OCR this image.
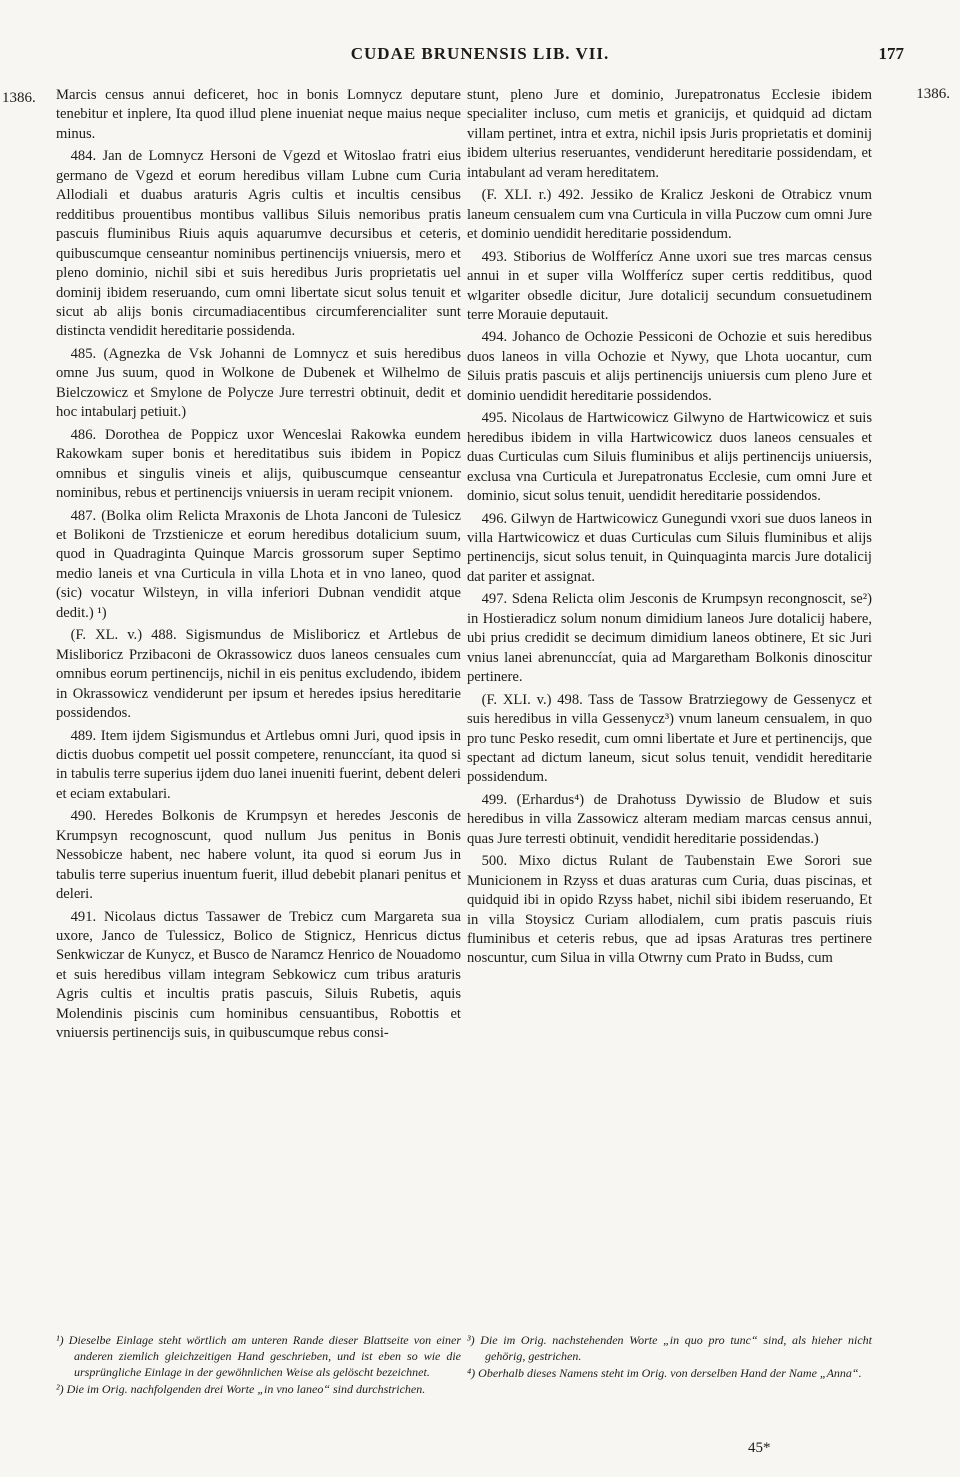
CUDAE BRUNENSIS LIB. VII.	177
1386.	1386.

Marcis census annui deficeret, hoc in bonis Lomnycz deputare tenebitur et inplere, Ita quod illud plene inueniat neque maius neque minus.

484. Jan de Lomnycz Hersoni de Vgezd et Witoslao fratri eius germano de Vgezd et eorum heredibus villam Lubne cum Curia Allodiali et duabus araturis Agris cultis et incultis censibus redditibus prouentibus montibus vallibus Siluis nemoribus pratis pascuis fluminibus Riuis aquis aquarumve decursibus et ceteris, quibuscumque censeantur nominibus pertinencijs vniuersis, mero et pleno dominio, nichil sibi et suis heredibus Juris proprietatis uel dominij ibidem reseruando, cum omni libertate sicut solus tenuit et sicut ab alijs bonis circumadiacentibus circumferencialiter sunt distincta vendidit hereditarie possidenda.

485. (Agnezka de Vsk Johanni de Lomnycz et suis heredibus omne Jus suum, quod in Wolkone de Dubenek et Wilhelmo de Bielczowicz et Smylone de Polycze Jure terrestri obtinuit, dedit et hoc intabularj petiuit.)

486. Dorothea de Poppicz uxor Wenceslai Rakowka eundem Rakowkam super bonis et hereditatibus suis ibidem in Popicz omnibus et singulis vineis et alijs, quibuscumque censeantur nominibus, rebus et pertinencijs vniuersis in ueram recipit vnionem.

487. (Bolka olim Relicta Mraxonis de Lhota Janconi de Tulesicz et Bolikoni de Trzstienicze et eorum heredibus dotalicium suum, quod in Quadraginta Quinque Marcis grossorum super Septimo medio laneis et vna Curticula in villa Lhota et in vno laneo, quod (sic) vocatur Wilsteyn, in villa inferiori Dubnan vendidit atque dedit.) ¹)

(F. XL. v.) 488. Sigismundus de Misliboricz et Artlebus de Misliboricz Przibaconi de Okrassowicz duos laneos censuales cum omnibus eorum pertinencijs, nichil in eis penitus excludendo, ibidem in Okrassowicz vendiderunt per ipsum et heredes ipsius hereditarie possidendos.

489. Item ijdem Sigismundus et Artlebus omni Juri, quod ipsis in dictis duobus competit uel possit competere, renunccíant, ita quod si in tabulis terre superius ijdem duo lanei inueniti fuerint, debent deleri et eciam extabulari.

490. Heredes Bolkonis de Krumpsyn et heredes Jesconis de Krumpsyn recognoscunt, quod nullum Jus penitus in Bonis Nessobicze habent, nec habere volunt, ita quod si eorum Jus in tabulis terre superius inuentum fuerit, illud debebit planari penitus et deleri.

491. Nicolaus dictus Tassawer de Trebicz cum Margareta sua uxore, Janco de Tulessicz, Bolico de Stignicz, Henricus dictus Senkwiczar de Kunycz, et Busco de Naramcz Henrico de Nouadomo et suis heredibus villam integram Sebkowicz cum tribus araturis Agris cultis et incultis pratis pascuis, Siluis Rubetis, aquis Molendinis piscinis cum hominibus censuantibus, Robottis et vniuersis pertinencijs suis, in quibuscumque rebus consi-

stunt, pleno Jure et dominio, Jurepatronatus Ecclesie ibidem specialiter incluso, cum metis et granicijs, et quidquid ad dictam villam pertinet, intra et extra, nichil ipsis Juris proprietatis et dominij ibidem ulterius reseruantes, vendiderunt hereditarie possidendam, et intabulant ad veram hereditatem.

(F. XLI. r.) 492. Jessiko de Kralicz Jeskoni de Otrabicz vnum laneum censualem cum vna Curticula in villa Puczow cum omni Jure et dominio uendidit hereditarie possidendum.

493. Stiborius de Wolfferícz Anne uxori sue tres marcas census annui in et super villa Wolfferícz super certis redditibus, quod wlgariter obsedle dicitur, Jure dotalicij secundum consuetudinem terre Morauie deputauit.

494. Johanco de Ochozie Pessiconi de Ochozie et suis heredibus duos laneos in villa Ochozie et Nywy, que Lhota uocantur, cum Siluis pratis pascuis et alijs pertinencijs uniuersis cum pleno Jure et dominio uendidit hereditarie possidendos.

495. Nicolaus de Hartwicowicz Gilwyno de Hartwicowicz et suis heredibus ibidem in villa Hartwicowicz duos laneos censuales et duas Curticulas cum Siluis fluminibus et alijs pertinencijs uniuersis, exclusa vna Curticula et Jurepatronatus Ecclesie, cum omni Jure et dominio, sicut solus tenuit, uendidit hereditarie possidendos.

496. Gilwyn de Hartwicowicz Gunegundi vxori sue duos laneos in villa Hartwicowicz et duas Curticulas cum Siluis fluminibus et alijs pertinencijs, sicut solus tenuit, in Quinquaginta marcis Jure dotalicij dat pariter et assignat.

497. Sdena Relicta olim Jesconis de Krumpsyn recongnoscit, se²) in Hostieradicz solum nonum dimidium laneos Jure dotalicij habere, ubi prius credidit se decimum dimidium laneos obtinere, Et sic Juri vnius lanei abrenunccíat, quia ad Margaretham Bolkonis dinoscitur pertinere.

(F. XLI. v.) 498. Tass de Tassow Bratrziegowy de Gessenycz et suis heredibus in villa Gessenycz³) vnum laneum censualem, in quo pro tunc Pesko resedit, cum omni libertate et Jure et pertinencijs, que spectant ad dictum laneum, sicut solus tenuit, vendidit hereditarie possidendum.

499. (Erhardus⁴) de Drahotuss Dywissio de Bludow et suis heredibus in villa Zassowicz alteram mediam marcas census annui, quas Jure terresti obtinuit, vendidit hereditarie possidendas.)

500. Mixo dictus Rulant de Taubenstain Ewe Sorori sue Municionem in Rzyss et duas araturas cum Curia, duas piscinas, et quidquid ibi in opido Rzyss habet, nichil sibi ibidem reseruando, Et in villa Stoysicz Curiam allodialem, cum pratis pascuis riuis fluminibus et ceteris rebus, que ad ipsas Araturas tres pertinere noscuntur, cum Silua in villa Otwrny cum Prato in Budss, cum

¹) Dieselbe Einlage steht wörtlich am unteren Rande dieser Blattseite von einer anderen ziemlich gleichzeitigen Hand geschrieben, und ist eben so wie die ursprüngliche Einlage in der gewöhnlichen Weise als gelöscht bezeichnet.

²) Die im Orig. nachfolgenden drei Worte „in vno laneo“ sind durchstrichen.

³) Die im Orig. nachstehenden Worte „in quo pro tunc“ sind, als hieher nicht gehörig, gestrichen.

⁴) Oberhalb dieses Namens steht im Orig. von derselben Hand der Name „Anna“.

45*
